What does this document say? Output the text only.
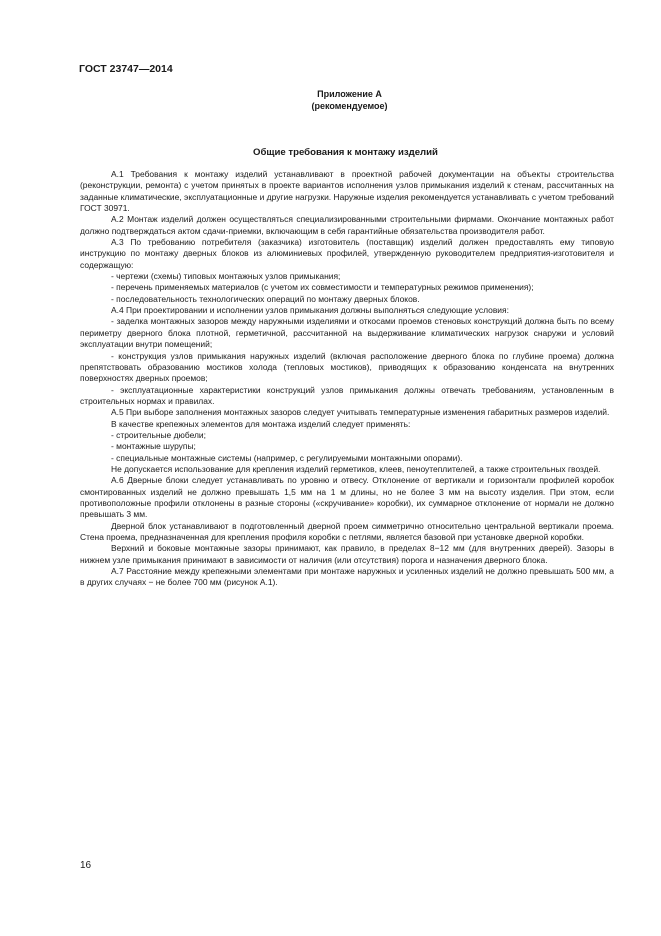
ГОСТ 23747—2014
Приложение А
(рекомендуемое)
Общие требования к монтажу изделий

А.1 Требования к монтажу изделий устанавливают в проектной рабочей документации на объекты строительства (реконструкции, ремонта) с учетом принятых в проекте вариантов исполнения узлов примыкания изделий к стенам, рассчитанных на заданные климатические, эксплуатационные и другие нагрузки. Наружные изделия рекомендуется устанавливать с учетом требований ГОСТ 30971.

А.2 Монтаж изделий должен осуществляться специализированными строительными фирмами. Окончание монтажных работ должно подтверждаться актом сдачи-приемки, включающим в себя гарантийные обязательства производителя работ.

А.3 По требованию потребителя (заказчика) изготовитель (поставщик) изделий должен предоставлять ему типовую инструкцию по монтажу дверных блоков из алюминиевых профилей, утвержденную руководителем предприятия-изготовителя и содержащую:

- чертежи (схемы) типовых монтажных узлов примыкания;

- перечень применяемых материалов (с учетом их совместимости и температурных режимов применения);

- последовательность технологических операций по монтажу дверных блоков.

А.4 При проектировании и исполнении узлов примыкания должны выполняться следующие условия:

- заделка монтажных зазоров между наружными изделиями и откосами проемов стеновых конструкций должна быть по всему периметру дверного блока плотной, герметичной, рассчитанной на выдерживание климатических нагрузок снаружи и условий эксплуатации внутри помещений;

- конструкция узлов примыкания наружных изделий (включая расположение дверного блока по глубине проема) должна препятствовать образованию мостиков холода (тепловых мостиков), приводящих к образованию конденсата на внутренних поверхностях дверных проемов;

- эксплуатационные характеристики конструкций узлов примыкания должны отвечать требованиям, установленным в строительных нормах и правилах.

А.5 При выборе заполнения монтажных зазоров следует учитывать температурные изменения габаритных размеров изделий.

В качестве крепежных элементов для монтажа изделий следует применять:

- строительные дюбели;

- монтажные шурупы;

- специальные монтажные системы (например, с регулируемыми монтажными опорами).

Не допускается использование для крепления изделий герметиков, клеев, пеноутеплителей, а также строительных гвоздей.

А.6 Дверные блоки следует устанавливать по уровню и отвесу. Отклонение от вертикали и горизонтали профилей коробок смонтированных изделий не должно превышать 1,5 мм на 1 м длины, но не более 3 мм на высоту изделия. При этом, если противоположные профили отклонены в разные стороны («скручивание» коробки), их суммарное отклонение от нормали не должно превышать 3 мм.

Дверной блок устанавливают в подготовленный дверной проем симметрично относительно центральной вертикали проема. Стена проема, предназначенная для крепления профиля коробки с петлями, является базовой при установке дверной коробки.

Верхний и боковые монтажные зазоры принимают, как правило, в пределах 8−12 мм (для внутренних дверей). Зазоры в нижнем узле примыкания принимают в зависимости от наличия (или отсутствия) порога и назначения дверного блока.

А.7 Расстояние между крепежными элементами при монтаже наружных и усиленных изделий не должно превышать 500 мм, а в других случаях − не более 700 мм (рисунок А.1).

16
